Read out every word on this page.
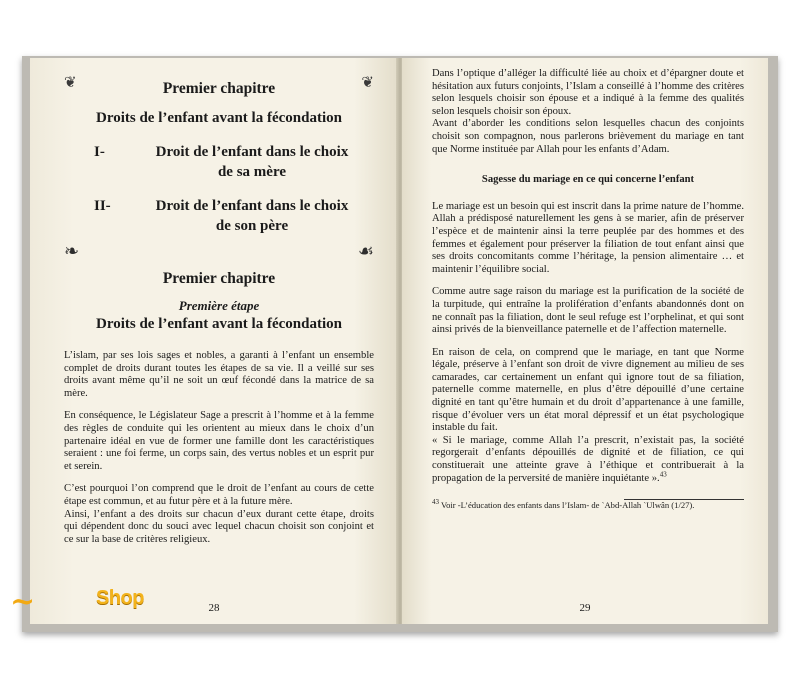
❦	❦

Premier chapitre

Droits de l’enfant avant la fécondation

I-	Droit de l’enfant dans le choix

de sa mère

II-	Droit de l’enfant dans le choix

de son père

❧	☙

Premier chapitre

Première étape

Droits de l’enfant avant la fécondation

L’islam, par ses lois sages et nobles, a garanti à l’enfant un ensemble complet de droits durant toutes les étapes de sa vie. Il a veillé sur ses droits avant même qu’il ne soit un œuf fécondé dans la matrice de sa mère.

En conséquence, le Législateur Sage a prescrit à l’homme et à la femme des règles de conduite qui les orientent au mieux dans le choix d’un partenaire idéal en vue de former une famille dont les caractéristiques seraient : une foi ferme, un corps sain, des vertus nobles et un esprit pur et serein.

C’est pourquoi l’on comprend que le droit de l’enfant au cours de cette étape est commun, et au futur père et à la future mère.

Ainsi, l’enfant a des droits sur chacun d’eux durant cette étape, droits qui dépendent donc du souci avec lequel chacun choisit son conjoint et ce sur la base de critères religieux.

28

Dans l’optique d’alléger la difficulté liée au choix et d’épargner doute et hésitation aux futurs conjoints, l’Islam a conseillé à l’homme des critères selon lesquels choisir son épouse et a indiqué à la femme des qualités selon lesquels choisir son époux.

Avant d’aborder les conditions selon lesquelles chacun des conjoints choisit son compagnon, nous parlerons brièvement du mariage en tant que Norme instituée par Allah pour les enfants d’Adam.

Sagesse du mariage en ce qui concerne l’enfant

Le mariage est un besoin qui est inscrit dans la prime nature de l’homme. Allah a prédisposé naturellement les gens à se marier, afin de préserver l’espèce et de maintenir ainsi la terre peuplée par des hommes et des femmes et également pour préserver la filiation de tout enfant ainsi que ses droits concomitants comme l’héritage, la pension alimentaire … et maintenir l’équilibre social.

Comme autre sage raison du mariage est la purification de la société de la turpitude, qui entraîne la prolifération d’enfants abandonnés dont on ne connaît pas la filiation, dont le seul refuge est l’orphelinat, et qui sont ainsi privés de la bienveillance paternelle et de l’affection maternelle.

En raison de cela, on comprend que le mariage, en tant que Norme légale, préserve à l’enfant son droit de vivre dignement au milieu de ses camarades, car certainement un enfant qui ignore tout de sa filiation, paternelle comme maternelle, en plus d’être dépouillé d’une certaine dignité en tant qu’être humain et du droit d’appartenance à une famille, risque d’évoluer vers un état moral dépressif et un état psychologique instable du fait.

« Si le mariage, comme Allah l’a prescrit, n’existait pas, la société regorgerait d’enfants dépouillés de dignité et de filiation, ce qui constituerait une atteinte grave à l’éthique et contribuerait à la propagation de la perversité de manière inquiétante ».$^{43}$

$^{43}$ Voir -L’éducation des enfants dans l’Islam- de `Abd-Allah `Ulwân (1/27).

29
~	Shop
